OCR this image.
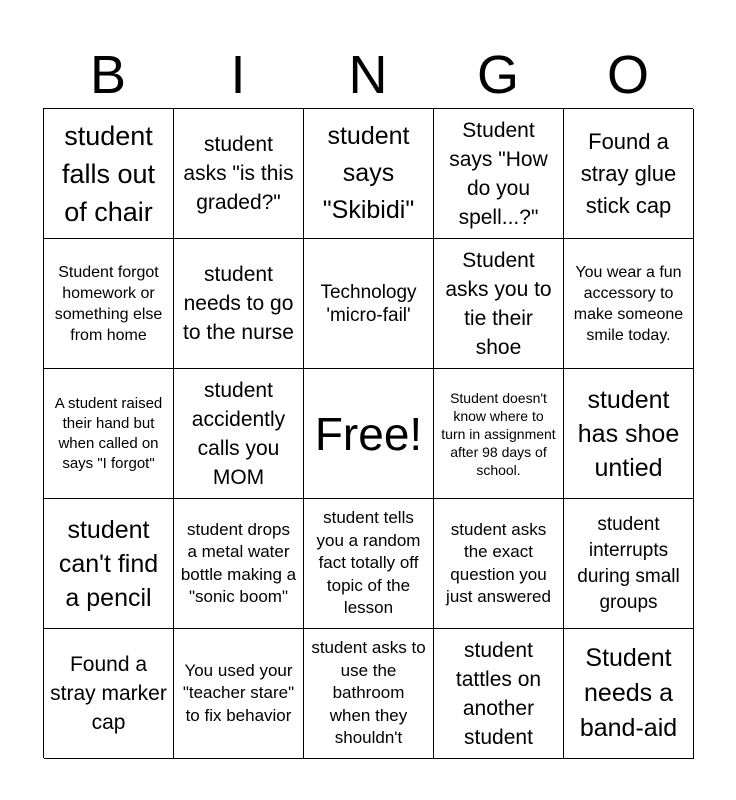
B	I	N	G	O
student falls out of chair
student asks "is this graded?"
student says "Skibidi"
Student says "How do you spell...?"
Found a stray glue stick cap
Student forgot homework or something else from home
student needs to go to the nurse
Technology 'micro-fail'
Student asks you to tie their shoe
You wear a fun accessory to make someone smile today.
A student raised their hand but when called on says "I forgot"
student accidently calls you MOM
Free!
Student doesn't know where to turn in assignment after 98 days of school.
student has shoe untied
student can't find a pencil
student drops a metal water bottle making a "sonic boom"
student tells you a random fact totally off topic of the lesson
student asks the exact question you just answered
student interrupts during small groups
Found a stray marker cap
You used your "teacher stare" to fix behavior
student asks to use the bathroom when they shouldn't
student tattles on another student
Student needs a band-aid
